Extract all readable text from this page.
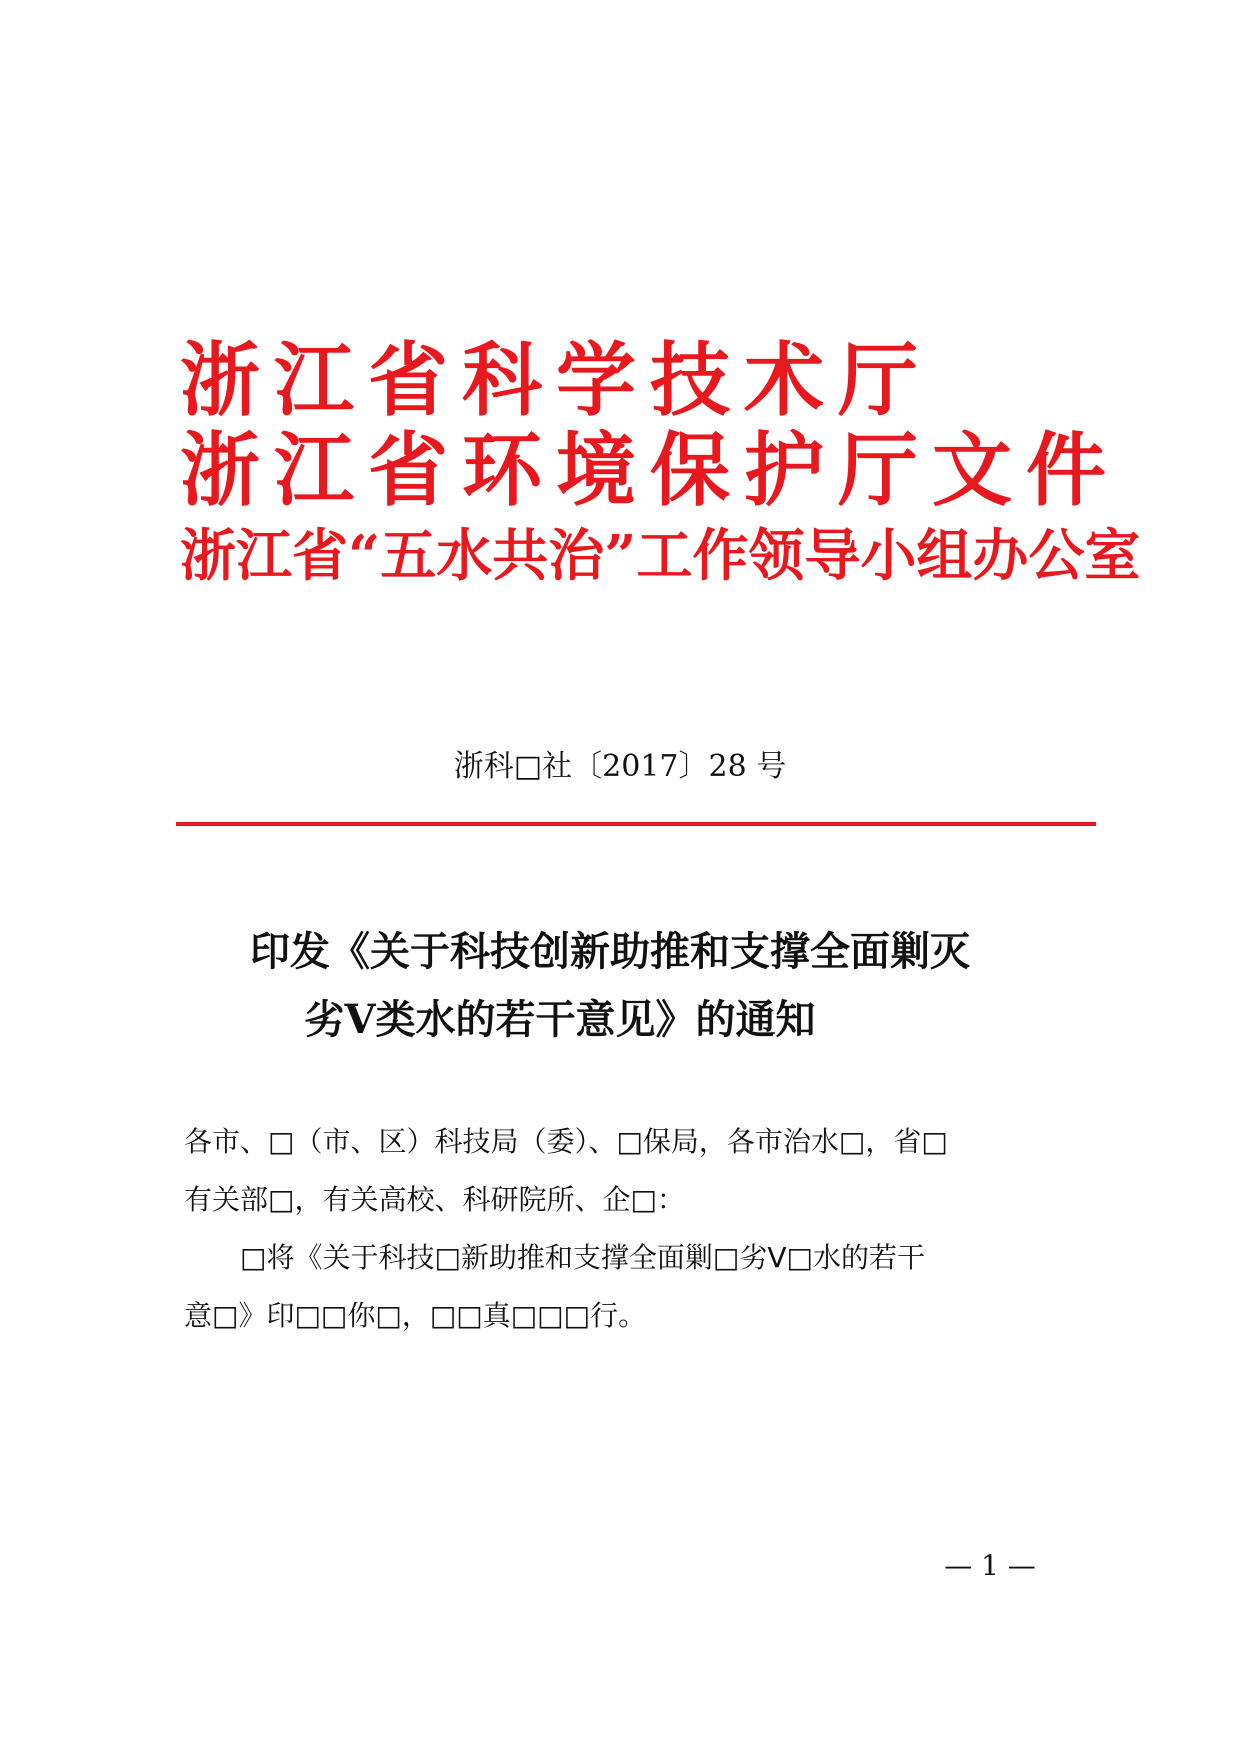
浙江省科学技术厅
浙江省环境保护厅文件
浙江省“五水共治”工作领导小组办公室
浙科□社〔2017〕28 号
印发《关于科技创新助推和支撑全面剿灭
劣Ⅴ类水的若干意见》的通知

各市、□（市、区）科技局（委）、□保局，各市治水□，省□

有关部□，有关高校、科研院所、企□：

□将《关于科技□新助推和支撑全面剿□劣Ⅴ□水的若干

意□》印□□你□，□□真□□□行。

— 1 —
